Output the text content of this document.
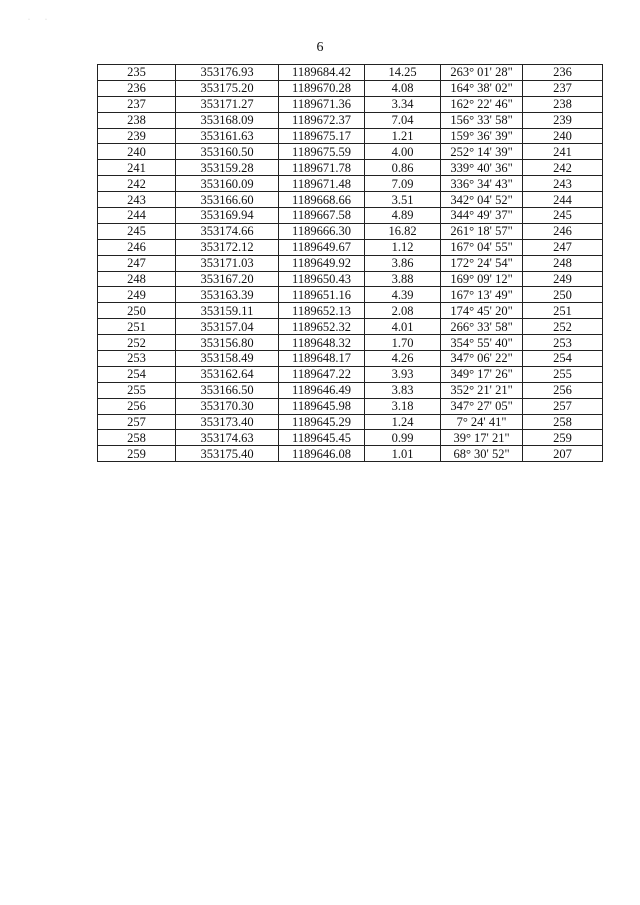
·          ·
6
235	353176.93	1189684.42	14.25	263° 01' 28"	236
236	353175.20	1189670.28	4.08	164° 38' 02"	237
237	353171.27	1189671.36	3.34	162° 22' 46"	238
238	353168.09	1189672.37	7.04	156° 33' 58"	239
239	353161.63	1189675.17	1.21	159° 36' 39"	240
240	353160.50	1189675.59	4.00	252° 14' 39"	241
241	353159.28	1189671.78	0.86	339° 40' 36"	242
242	353160.09	1189671.48	7.09	336° 34' 43"	243
243	353166.60	1189668.66	3.51	342° 04' 52"	244
244	353169.94	1189667.58	4.89	344° 49' 37"	245
245	353174.66	1189666.30	16.82	261° 18' 57"	246
246	353172.12	1189649.67	1.12	167° 04' 55"	247
247	353171.03	1189649.92	3.86	172° 24' 54"	248
248	353167.20	1189650.43	3.88	169° 09' 12"	249
249	353163.39	1189651.16	4.39	167° 13' 49"	250
250	353159.11	1189652.13	2.08	174° 45' 20"	251
251	353157.04	1189652.32	4.01	266° 33' 58"	252
252	353156.80	1189648.32	1.70	354° 55' 40"	253
253	353158.49	1189648.17	4.26	347° 06' 22"	254
254	353162.64	1189647.22	3.93	349° 17' 26"	255
255	353166.50	1189646.49	3.83	352° 21' 21"	256
256	353170.30	1189645.98	3.18	347° 27' 05"	257
257	353173.40	1189645.29	1.24	7° 24' 41"	258
258	353174.63	1189645.45	0.99	39° 17' 21"	259
259	353175.40	1189646.08	1.01	68° 30' 52"	207
